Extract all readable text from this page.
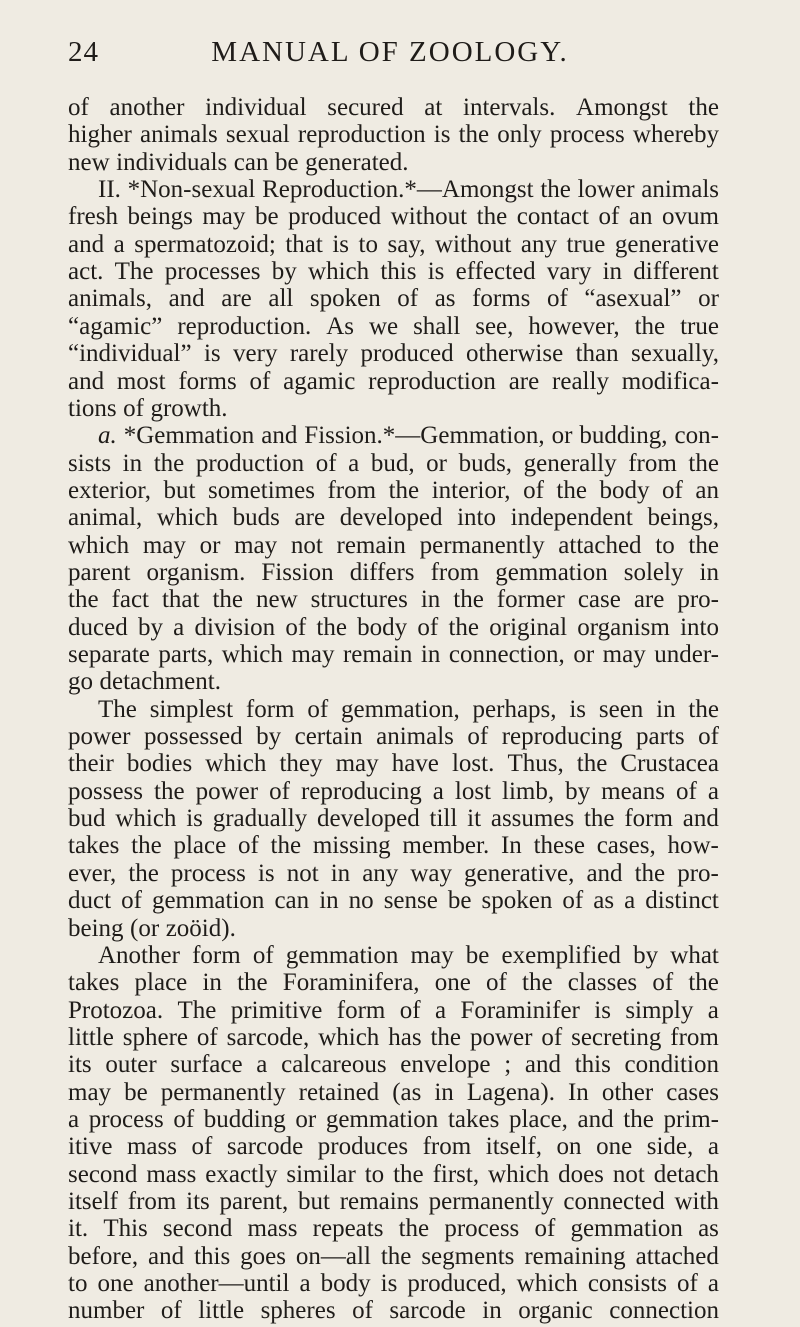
24	MANUAL OF ZOOLOGY.
of another individual secured at intervals. Amongst the
higher animals sexual reproduction is the only process whereby
new individuals can be generated.
II. *Non-sexual Reproduction.*—Amongst the lower animals
fresh beings may be produced without the contact of an ovum
and a spermatozoid; that is to say, without any true generative
act. The processes by which this is effected vary in different
animals, and are all spoken of as forms of “asexual” or
“agamic” reproduction. As we shall see, however, the true
“individual” is very rarely produced otherwise than sexually,
and most forms of agamic reproduction are really modifica-
tions of growth.
a. *Gemmation and Fission.*—Gemmation, or budding, con-
sists in the production of a bud, or buds, generally from the
exterior, but sometimes from the interior, of the body of an
animal, which buds are developed into independent beings,
which may or may not remain permanently attached to the
parent organism. Fission differs from gemmation solely in
the fact that the new structures in the former case are pro-
duced by a division of the body of the original organism into
separate parts, which may remain in connection, or may under-
go detachment.
The simplest form of gemmation, perhaps, is seen in the
power possessed by certain animals of reproducing parts of
their bodies which they may have lost. Thus, the Crustacea
possess the power of reproducing a lost limb, by means of a
bud which is gradually developed till it assumes the form and
takes the place of the missing member. In these cases, how-
ever, the process is not in any way generative, and the pro-
duct of gemmation can in no sense be spoken of as a distinct
being (or zoöid).
Another form of gemmation may be exemplified by what
takes place in the Foraminifera, one of the classes of the
Protozoa. The primitive form of a Foraminifer is simply a
little sphere of sarcode, which has the power of secreting from
its outer surface a calcareous envelope ; and this condition
may be permanently retained (as in Lagena). In other cases
a process of budding or gemmation takes place, and the prim-
itive mass of sarcode produces from itself, on one side, a
second mass exactly similar to the first, which does not detach
itself from its parent, but remains permanently connected with
it. This second mass repeats the process of gemmation as
before, and this goes on—all the segments remaining attached
to one another—until a body is produced, which consists of a
number of little spheres of sarcode in organic connection
